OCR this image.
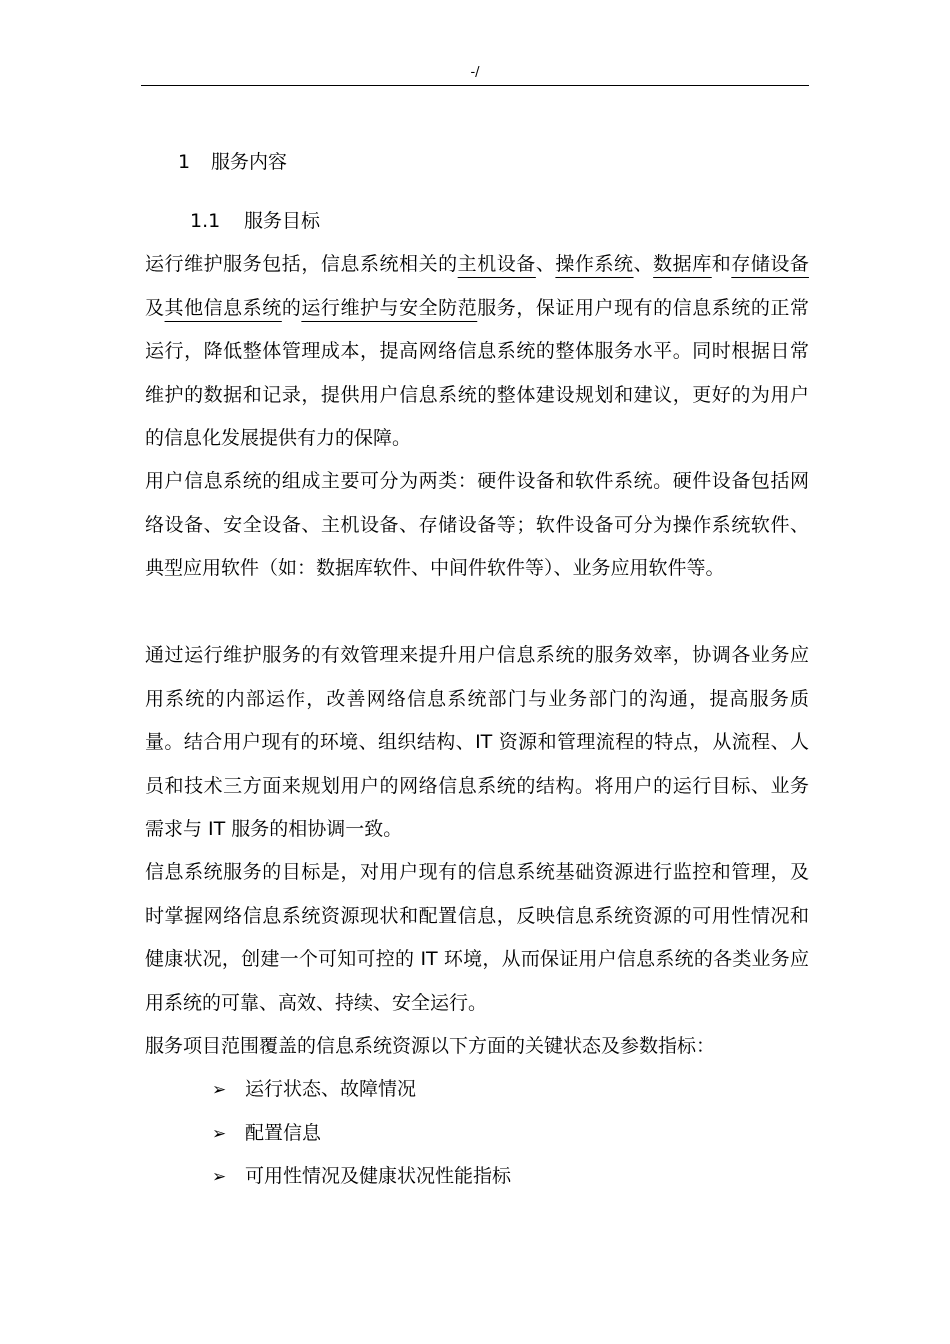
-/
1 服务内容
1.1 服务目标
运行维护服务包括，信息系统相关的主机设备、操作系统、数据库和存储设备及其他信息系统的运行维护与安全防范服务，保证用户现有的信息系统的正常运行，降低整体管理成本，提高网络信息系统的整体服务水平。同时根据日常维护的数据和记录，提供用户信息系统的整体建设规划和建议，更好的为用户的信息化发展提供有力的保障。
用户信息系统的组成主要可分为两类：硬件设备和软件系统。硬件设备包括网络设备、安全设备、主机设备、存储设备等；软件设备可分为操作系统软件、典型应用软件（如：数据库软件、中间件软件等）、业务应用软件等。
通过运行维护服务的有效管理来提升用户信息系统的服务效率，协调各业务应用系统的内部运作，改善网络信息系统部门与业务部门的沟通，提高服务质量。结合用户现有的环境、组织结构、IT 资源和管理流程的特点，从流程、人员和技术三方面来规划用户的网络信息系统的结构。将用户的运行目标、业务需求与 IT 服务的相协调一致。
信息系统服务的目标是，对用户现有的信息系统基础资源进行监控和管理，及时掌握网络信息系统资源现状和配置信息，反映信息系统资源的可用性情况和健康状况，创建一个可知可控的 IT 环境，从而保证用户信息系统的各类业务应用系统的可靠、高效、持续、安全运行。
服务项目范围覆盖的信息系统资源以下方面的关键状态及参数指标：
➢ 运行状态、故障情况
➢ 配置信息
➢ 可用性情况及健康状况性能指标
